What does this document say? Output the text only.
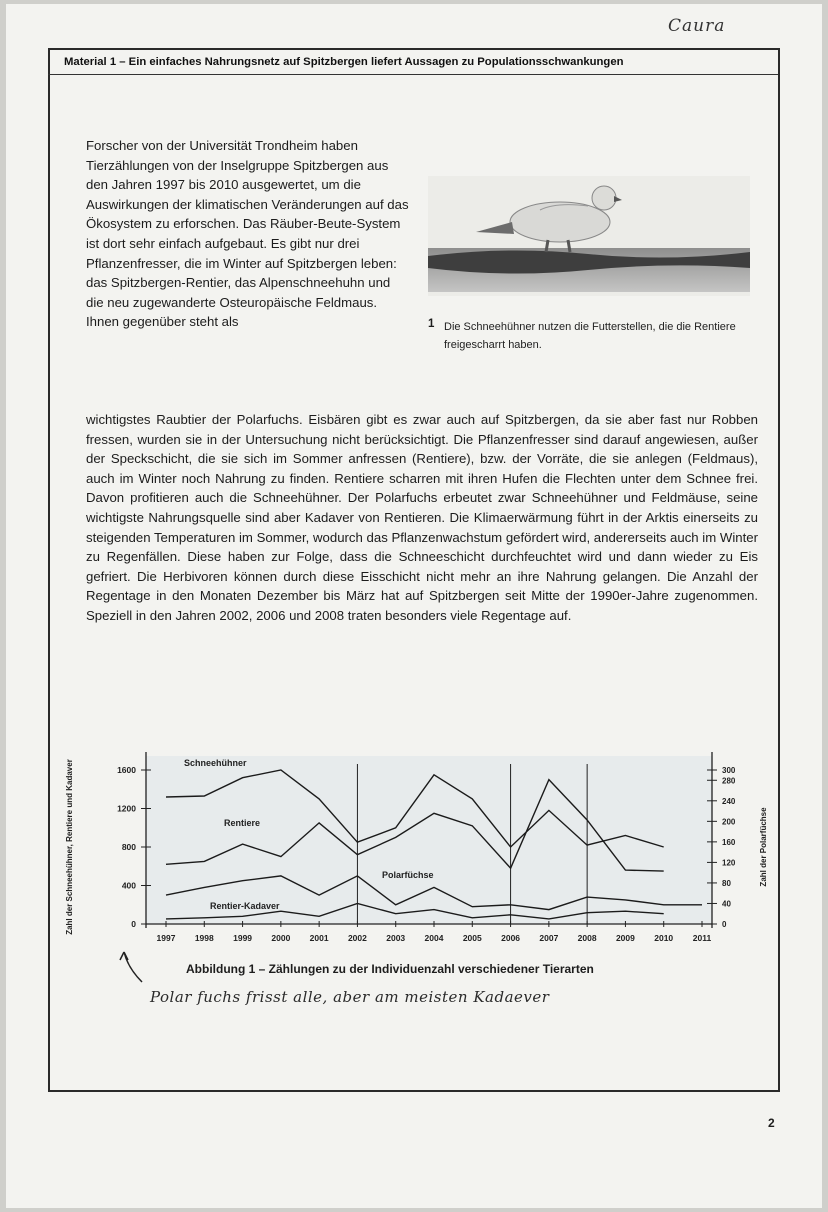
Caura
Material 1 – Ein einfaches Nahrungsnetz auf Spitzbergen liefert Aussagen zu Populationsschwankungen

Forscher von der Universität Trondheim haben Tierzählungen von der Inselgruppe Spitzbergen aus den Jahren 1997 bis 2010 ausgewertet, um die Auswirkungen der klimatischen Veränderungen auf das Ökosystem zu erforschen. Das Räuber-Beute-System ist dort sehr einfach aufgebaut. Es gibt nur drei Pflanzenfresser, die im Winter auf Spitzbergen leben: das Spitzbergen-Rentier, das Alpenschneehuhn und die neu zugewanderte Osteuropäische Feldmaus. Ihnen gegenüber steht als	1 Die Schneehühner nutzen die Futterstellen, die die Rentiere freigescharrt haben.

wichtigstes Raubtier der Polarfuchs. Eisbären gibt es zwar auch auf Spitzbergen, da sie aber fast nur Robben fressen, wurden sie in der Untersuchung nicht berücksichtigt. Die Pflanzenfresser sind darauf angewiesen, außer der Speckschicht, die sie sich im Sommer anfressen (Rentiere), bzw. der Vorräte, die sie anlegen (Feldmaus), auch im Winter noch Nahrung zu finden. Rentiere scharren mit ihren Hufen die Flechten unter dem Schnee frei. Davon profitieren auch die Schneehühner. Der Polarfuchs erbeutet zwar Schneehühner und Feldmäuse, seine wichtigste Nahrungsquelle sind aber Kadaver von Rentieren. Die Klimaerwärmung führt in der Arktis einerseits zu steigenden Temperaturen im Sommer, wodurch das Pflanzenwachstum gefördert wird, andererseits auch im Winter zu Regenfällen. Diese haben zur Folge, dass die Schneeschicht durchfeuchtet wird und dann wieder zu Eis gefriert. Die Herbivoren können durch diese Eisschicht nicht mehr an ihre Nahrung gelangen. Die Anzahl der Regentage in den Monaten Dezember bis März hat auf Spitzbergen seit Mitte der 1990er-Jahre zugenommen. Speziell in den Jahren 2002, 2006 und 2008 traten besonders viele Regentage auf.

0
400
800
1200
1600
0
40
80
120
160
200
240
280
300
1997 1998 1999 2000 2001 2002 2003 2004 2005 2006 2007 2008 2009 2010 2011
Schneehühner
Rentiere
Polarfüchse
Rentier-Kadaver
Zahl der Schneehühner, Rentiere und Kadaver	Zahl der Polarfüchse
Abbildung 1 – Zählungen zu der Individuenzahl verschiedener Tierarten
Polar fuchs frisst alle, aber am meisten Kadaever
2
